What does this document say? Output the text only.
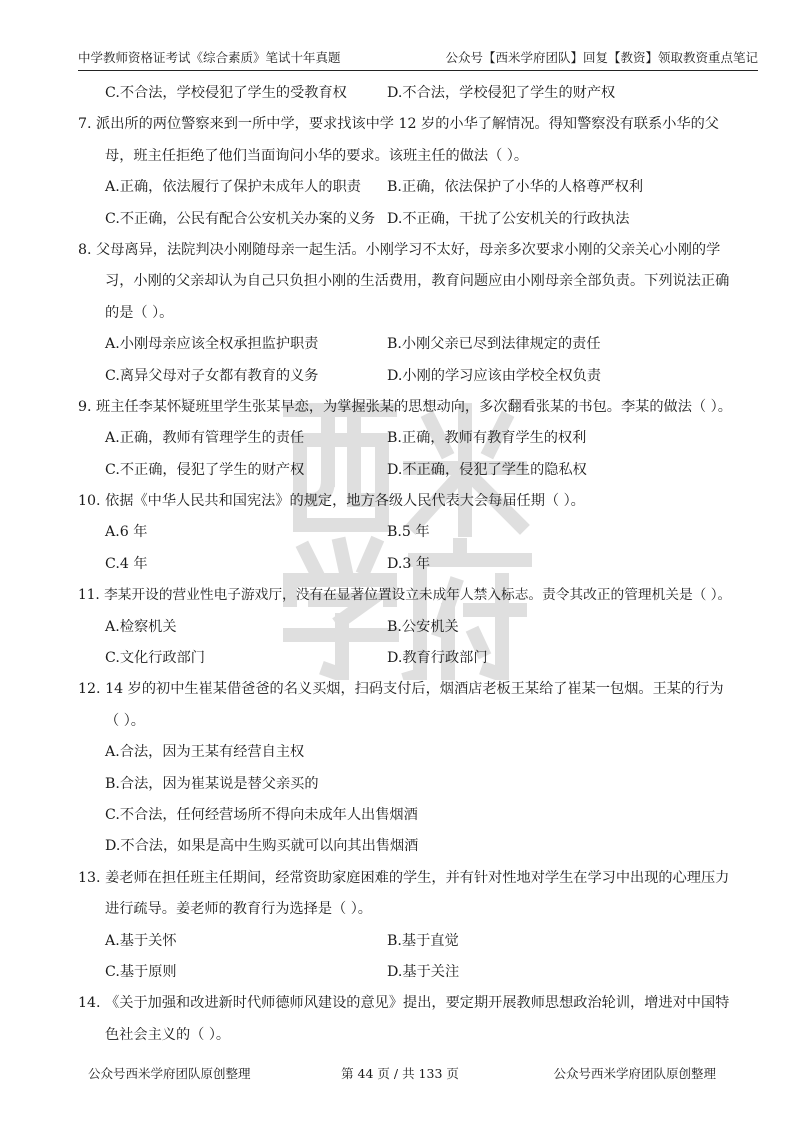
中学教师资格证考试《综合素质》笔试十年真题	公众号【西米学府团队】回复【教资】领取教资重点笔记
C.不合法，学校侵犯了学生的受教育权	D.不合法，学校侵犯了学生的财产权
7. 派出所的两位警察来到一所中学，要求找该中学 12 岁的小华了解情况。得知警察没有联系小华的父
母，班主任拒绝了他们当面询问小华的要求。该班主任的做法（ ）。
A.正确，依法履行了保护未成年人的职责 B.正确，依法保护了小华的人格尊严权利
C.不正确，公民有配合公安机关办案的义务 D.不正确，干扰了公安机关的行政执法
8. 父母离异，法院判决小刚随母亲一起生活。小刚学习不太好，母亲多次要求小刚的父亲关心小刚的学
习，小刚的父亲却认为自己只负担小刚的生活费用，教育问题应由小刚母亲全部负责。下列说法正确
的是（ ）。
A.小刚母亲应该全权承担监护职责	B.小刚父亲已尽到法律规定的责任
C.离异父母对子女都有教育的义务	D.小刚的学习应该由学校全权负责
9. 班主任李某怀疑班里学生张某早恋，为掌握张某的思想动向，多次翻看张某的书包。李某的做法（ ）。
A.正确，教师有管理学生的责任	B.正确，教师有教育学生的权利
C.不正确，侵犯了学生的财产权	D.不正确，侵犯了学生的隐私权
10. 依据《中华人民共和国宪法》的规定，地方各级人民代表大会每届任期（ ）。
A.6 年	B.5 年
C.4 年	D.3 年
11. 李某开设的营业性电子游戏厅，没有在显著位置设立未成年人禁入标志。责令其改正的管理机关是（ ）。
A.检察机关	B.公安机关
C.文化行政部门	D.教育行政部门
12. 14 岁的初中生崔某借爸爸的名义买烟，扫码支付后，烟酒店老板王某给了崔某一包烟。王某的行为
（ ）。
A.合法，因为王某有经营自主权
B.合法，因为崔某说是替父亲买的
C.不合法，任何经营场所不得向未成年人出售烟酒
D.不合法，如果是高中生购买就可以向其出售烟酒
13. 姜老师在担任班主任期间，经常资助家庭困难的学生，并有针对性地对学生在学习中出现的心理压力
进行疏导。姜老师的教育行为选择是（ ）。
A.基于关怀	B.基于直觉
C.基于原则	D.基于关注
14. 《关于加强和改进新时代师德师风建设的意见》提出，要定期开展教师思想政治轮训，增进对中国特
色社会主义的（ ）。
公众号西米学府团队原创整理	第 44 页 / 共 133 页	公众号西米学府团队原创整理
